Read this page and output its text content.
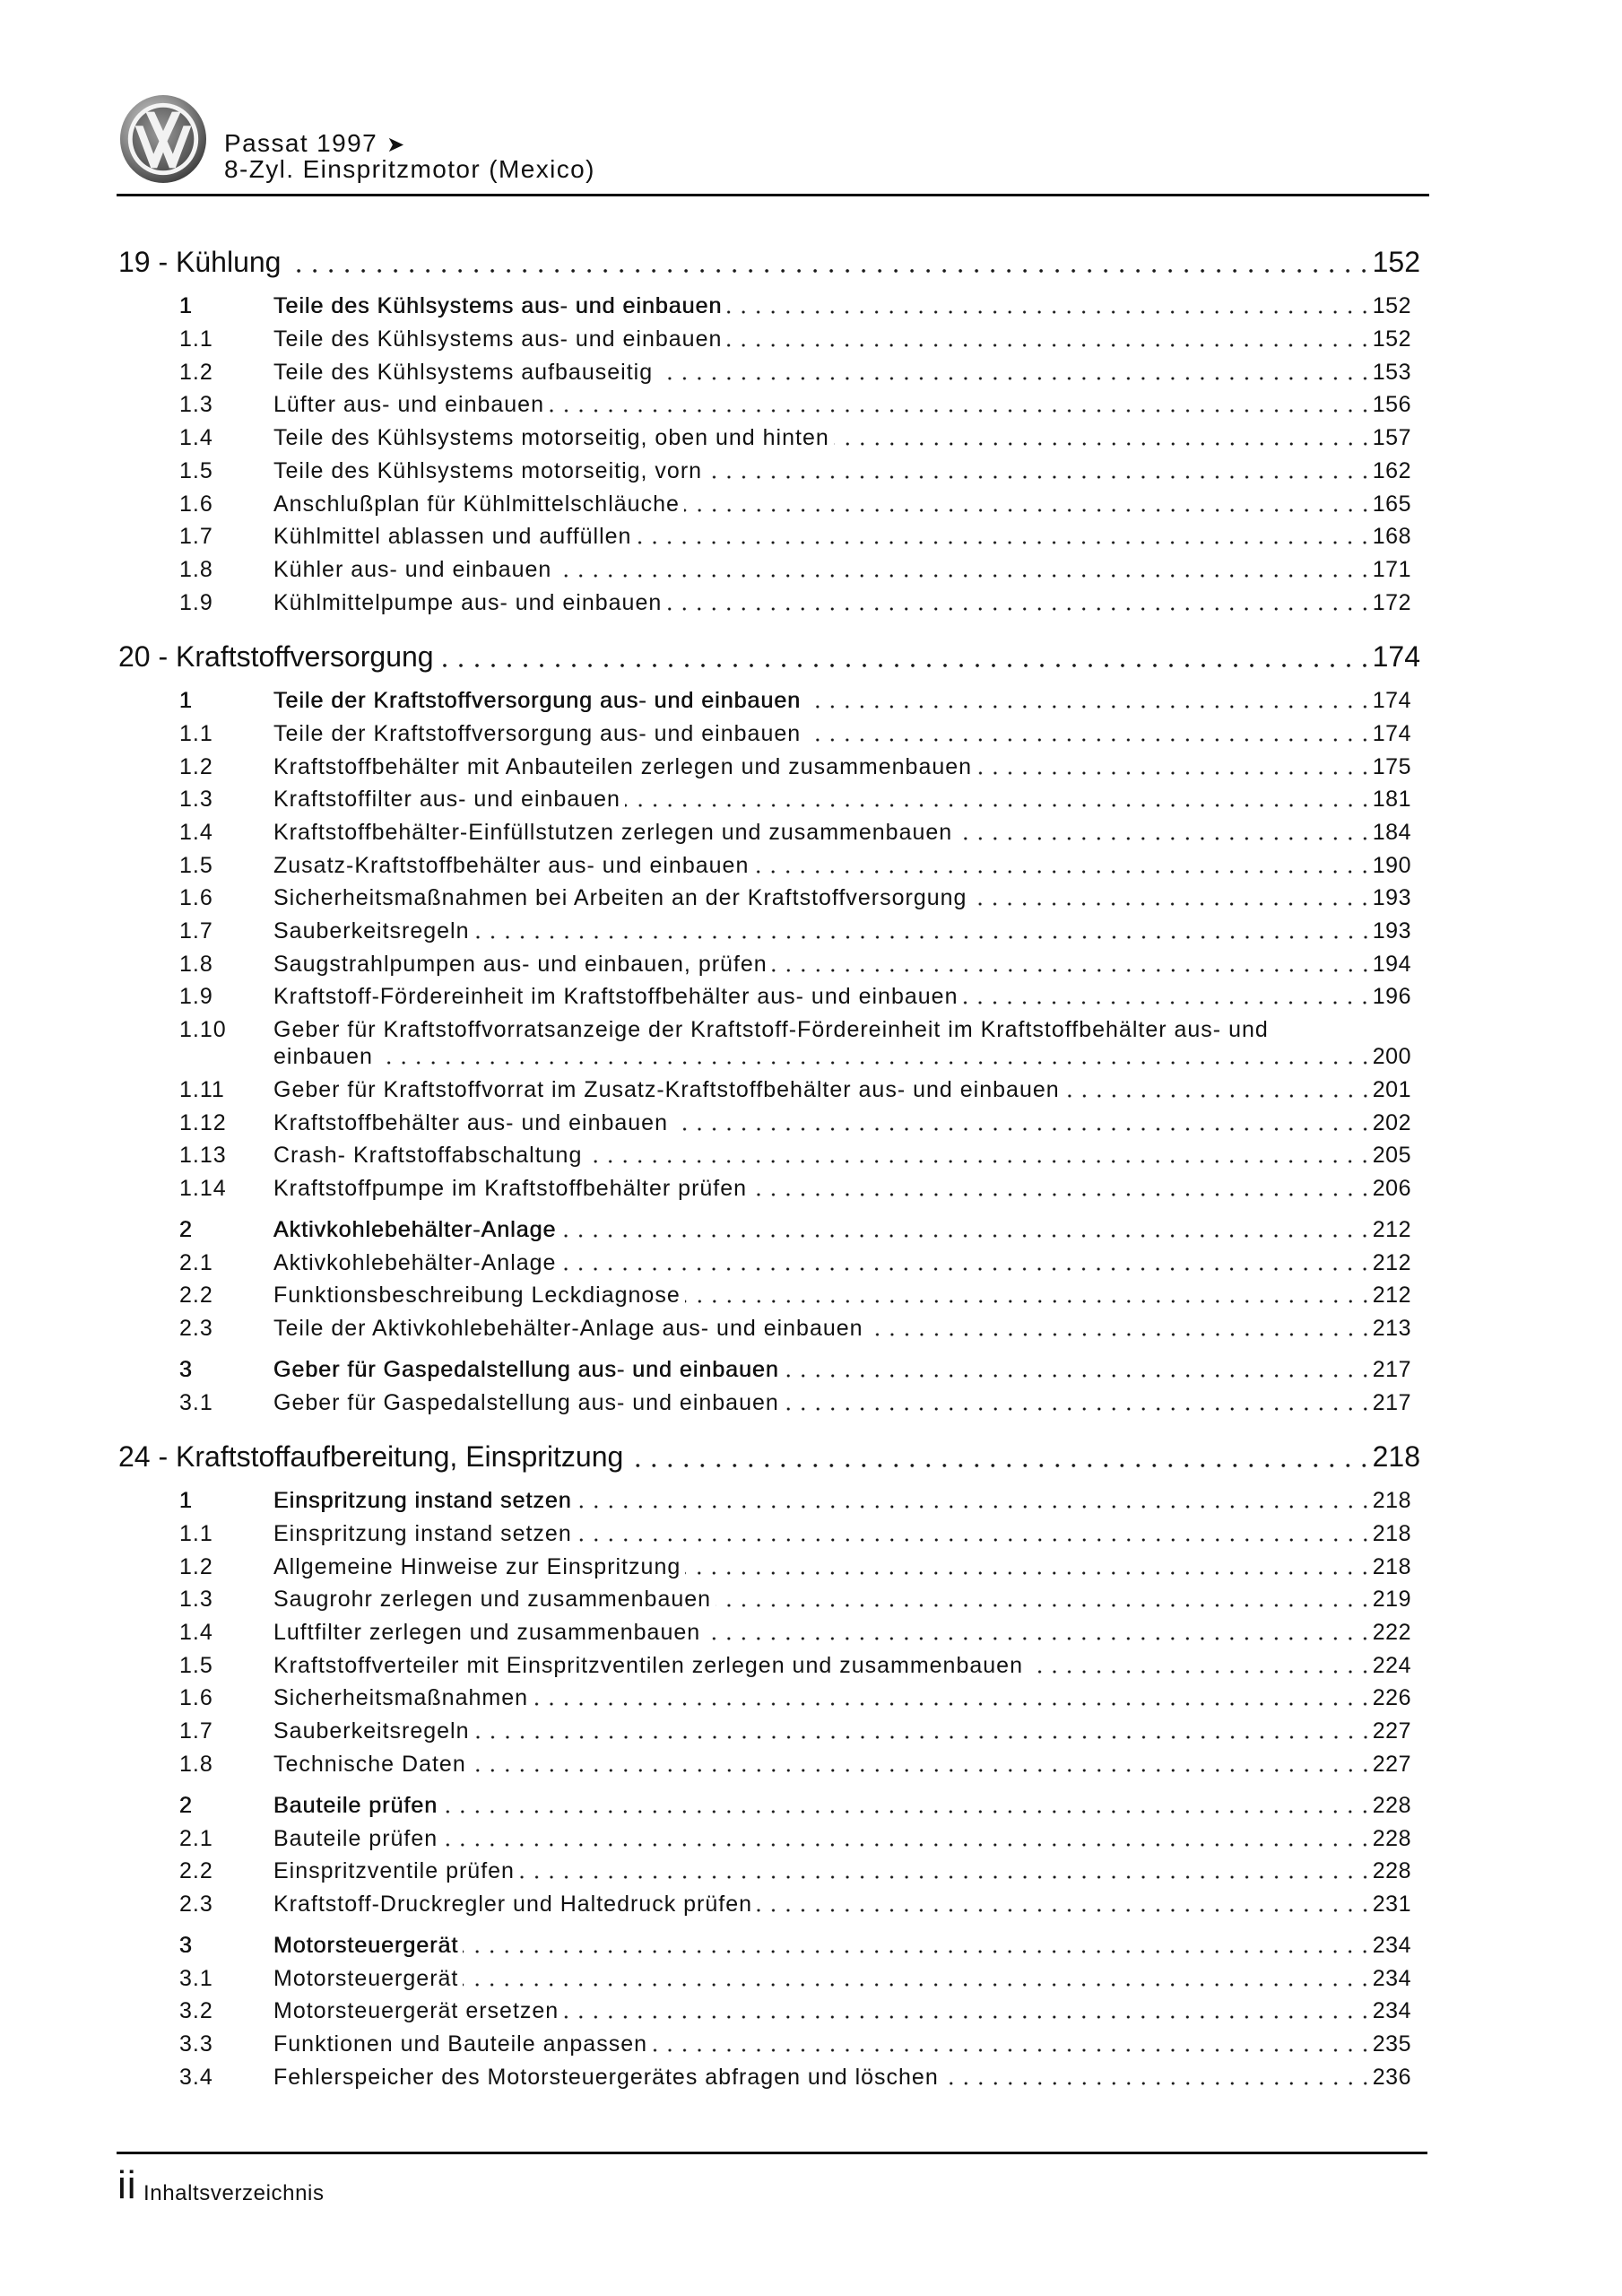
Passat 1997 ➤
8-Zyl. Einspritzmotor (Mexico)
19 - Kühlung	152
1	Teile des Kühlsystems aus- und einbauen	152
1.1	Teile des Kühlsystems aus- und einbauen	152
1.2	Teile des Kühlsystems aufbauseitig	153
1.3	Lüfter aus- und einbauen	156
1.4	Teile des Kühlsystems motorseitig, oben und hinten	157
1.5	Teile des Kühlsystems motorseitig, vorn	162
1.6	Anschlußplan für Kühlmittelschläuche	165
1.7	Kühlmittel ablassen und auffüllen	168
1.8	Kühler aus- und einbauen	171
1.9	Kühlmittelpumpe aus- und einbauen	172
20 - Kraftstoffversorgung	174
1	Teile der Kraftstoffversorgung aus- und einbauen	174
1.1	Teile der Kraftstoffversorgung aus- und einbauen	174
1.2	Kraftstoffbehälter mit Anbauteilen zerlegen und zusammenbauen	175
1.3	Kraftstoffilter aus- und einbauen	181
1.4	Kraftstoffbehälter-Einfüllstutzen zerlegen und zusammenbauen	184
1.5	Zusatz-Kraftstoffbehälter aus- und einbauen	190
1.6	Sicherheitsmaßnahmen bei Arbeiten an der Kraftstoffversorgung	193
1.7	Sauberkeitsregeln	193
1.8	Saugstrahlpumpen aus- und einbauen, prüfen	194
1.9	Kraftstoff-Fördereinheit im Kraftstoffbehälter aus- und einbauen	196
1.10	Geber für Kraftstoffvorratsanzeige der Kraftstoff-Fördereinheit im Kraftstoffbehälter aus- und
einbauen	200
1.11	Geber für Kraftstoffvorrat im Zusatz-Kraftstoffbehälter aus- und einbauen	201
1.12	Kraftstoffbehälter aus- und einbauen	202
1.13	Crash- Kraftstoffabschaltung	205
1.14	Kraftstoffpumpe im Kraftstoffbehälter prüfen	206
2	Aktivkohlebehälter-Anlage	212
2.1	Aktivkohlebehälter-Anlage	212
2.2	Funktionsbeschreibung Leckdiagnose	212
2.3	Teile der Aktivkohlebehälter-Anlage aus- und einbauen	213
3	Geber für Gaspedalstellung aus- und einbauen	217
3.1	Geber für Gaspedalstellung aus- und einbauen	217
24 - Kraftstoffaufbereitung, Einspritzung	218
1	Einspritzung instand setzen	218
1.1	Einspritzung instand setzen	218
1.2	Allgemeine Hinweise zur Einspritzung	218
1.3	Saugrohr zerlegen und zusammenbauen	219
1.4	Luftfilter zerlegen und zusammenbauen	222
1.5	Kraftstoffverteiler mit Einspritzventilen zerlegen und zusammenbauen	224
1.6	Sicherheitsmaßnahmen	226
1.7	Sauberkeitsregeln	227
1.8	Technische Daten	227
2	Bauteile prüfen	228
2.1	Bauteile prüfen	228
2.2	Einspritzventile prüfen	228
2.3	Kraftstoff-Druckregler und Haltedruck prüfen	231
3	Motorsteuergerät	234
3.1	Motorsteuergerät	234
3.2	Motorsteuergerät ersetzen	234
3.3	Funktionen und Bauteile anpassen	235
3.4	Fehlerspeicher des Motorsteuergerätes abfragen und löschen	236
ii Inhaltsverzeichnis
